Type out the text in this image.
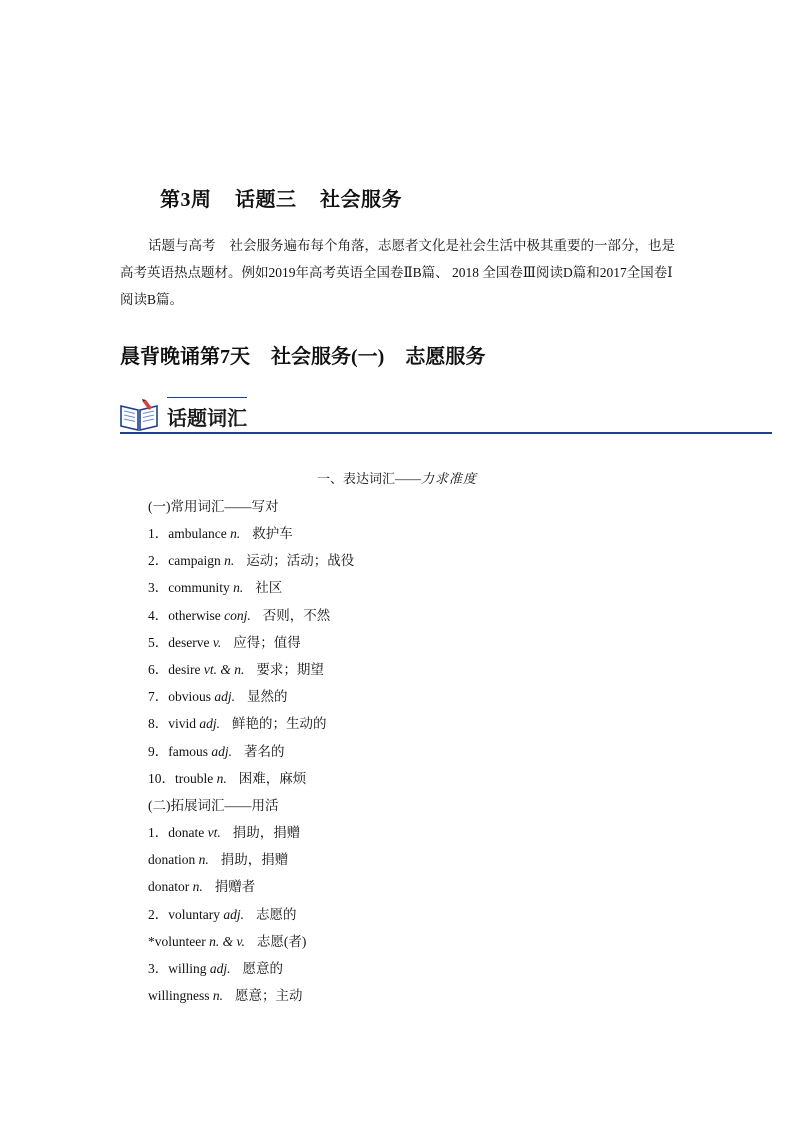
第3周 话题三 社会服务
话题与高考 社会服务遍布每个角落，志愿者文化是社会生活中极其重要的一部分，也是高考英语热点题材。例如2019年高考英语全国卷ⅡB篇、 2018 全国卷Ⅲ阅读D篇和2017全国卷Ⅰ阅读B篇。
晨背晚诵第7天 社会服务(一) 志愿服务
话题词汇
一、表达词汇——力求准度
(一)常用词汇——写对
1．ambulance n. 救护车
2．campaign n. 运动；活动；战役
3．community n. 社区
4．otherwise conj. 否则，不然
5．deserve v. 应得；值得
6．desire vt. & n. 要求；期望
7．obvious adj. 显然的
8．vivid adj. 鲜艳的；生动的
9．famous adj. 著名的
10．trouble n. 困难，麻烦
(二)拓展词汇——用活
1．donate vt. 捐助，捐赠
donation n. 捐助，捐赠
donator n. 捐赠者
2．voluntary adj. 志愿的
*volunteer n. & v. 志愿(者)
3．willing adj. 愿意的
willingness n. 愿意；主动
